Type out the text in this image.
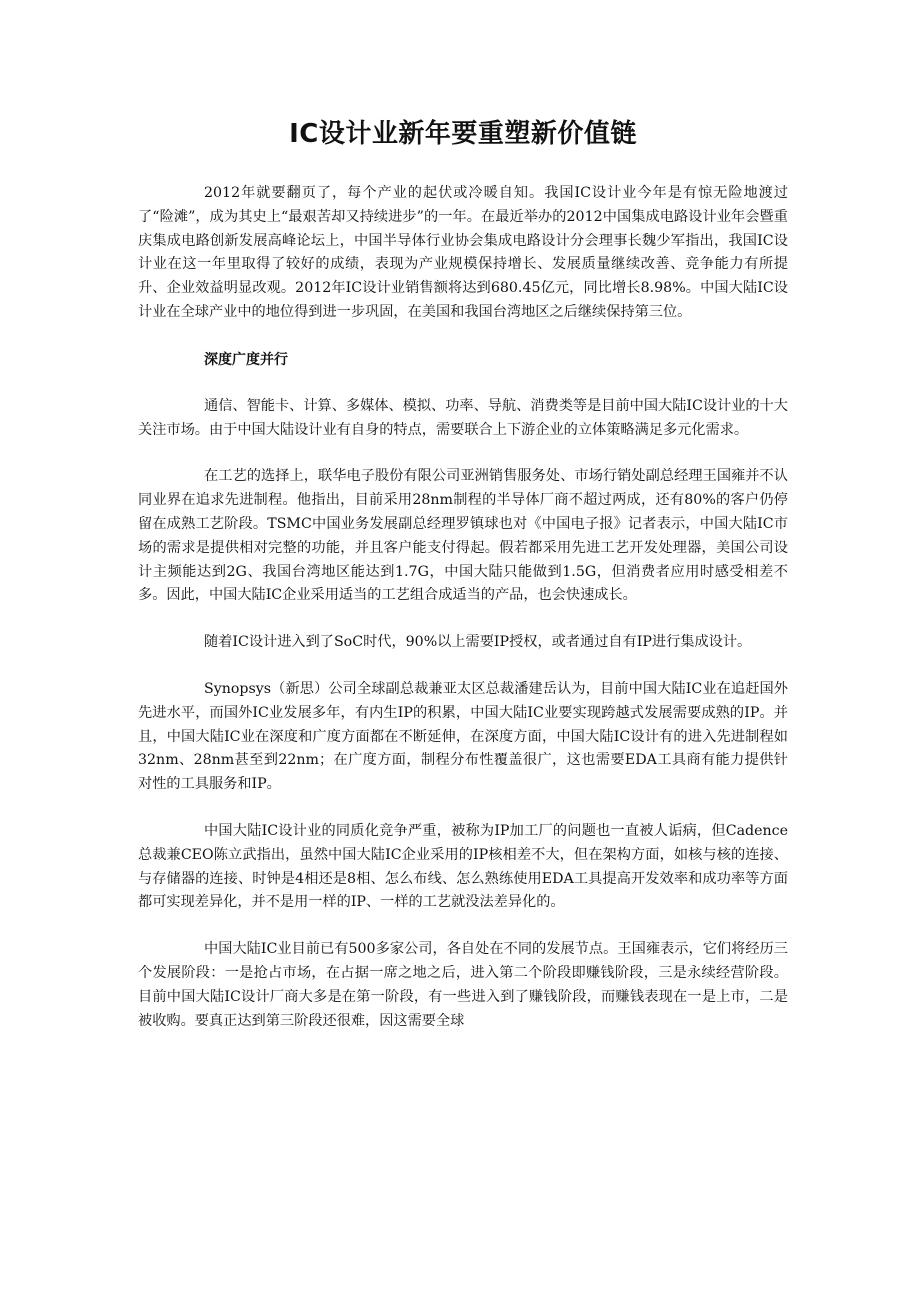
IC设计业新年要重塑新价值链

2012年就要翻页了，每个产业的起伏或冷暖自知。我国IC设计业今年是有惊无险地渡过了“险滩”，成为其史上“最艰苦却又持续进步”的一年。在最近举办的2012中国集成电路设计业年会暨重庆集成电路创新发展高峰论坛上，中国半导体行业协会集成电路设计分会理事长魏少军指出，我国IC设计业在这一年里取得了较好的成绩，表现为产业规模保持增长、发展质量继续改善、竞争能力有所提升、企业效益明显改观。2012年IC设计业销售额将达到680.45亿元，同比增长8.98%。中国大陆IC设计业在全球产业中的地位得到进一步巩固，在美国和我国台湾地区之后继续保持第三位。

深度广度并行

通信、智能卡、计算、多媒体、模拟、功率、导航、消费类等是目前中国大陆IC设计业的十大关注市场。由于中国大陆设计业有自身的特点，需要联合上下游企业的立体策略满足多元化需求。

在工艺的选择上，联华电子股份有限公司亚洲销售服务处、市场行销处副总经理王国雍并不认同业界在追求先进制程。他指出，目前采用28nm制程的半导体厂商不超过两成，还有80%的客户仍停留在成熟工艺阶段。TSMC中国业务发展副总经理罗镇球也对《中国电子报》记者表示，中国大陆IC市场的需求是提供相对完整的功能，并且客户能支付得起。假若都采用先进工艺开发处理器，美国公司设计主频能达到2G、我国台湾地区能达到1.7G，中国大陆只能做到1.5G，但消费者应用时感受相差不多。因此，中国大陆IC企业采用适当的工艺组合成适当的产品，也会快速成长。

随着IC设计进入到了SoC时代，90%以上需要IP授权，或者通过自有IP进行集成设计。

Synopsys（新思）公司全球副总裁兼亚太区总裁潘建岳认为，目前中国大陆IC业在追赶国外先进水平，而国外IC业发展多年，有内生IP的积累，中国大陆IC业要实现跨越式发展需要成熟的IP。并且，中国大陆IC业在深度和广度方面都在不断延伸，在深度方面，中国大陆IC设计有的进入先进制程如32nm、28nm甚至到22nm；在广度方面，制程分布性覆盖很广，这也需要EDA工具商有能力提供针对性的工具服务和IP。

中国大陆IC设计业的同质化竞争严重，被称为IP加工厂的问题也一直被人诟病，但Cadence总裁兼CEO陈立武指出，虽然中国大陆IC企业采用的IP核相差不大，但在架构方面，如核与核的连接、与存储器的连接、时钟是4相还是8相、怎么布线、怎么熟练使用EDA工具提高开发效率和成功率等方面都可实现差异化，并不是用一样的IP、一样的工艺就没法差异化的。

中国大陆IC业目前已有500多家公司，各自处在不同的发展节点。王国雍表示，它们将经历三个发展阶段：一是抢占市场，在占据一席之地之后，进入第二个阶段即赚钱阶段，三是永续经营阶段。目前中国大陆IC设计厂商大多是在第一阶段，有一些进入到了赚钱阶段，而赚钱表现在一是上市，二是被收购。要真正达到第三阶段还很难，因这需要全球
